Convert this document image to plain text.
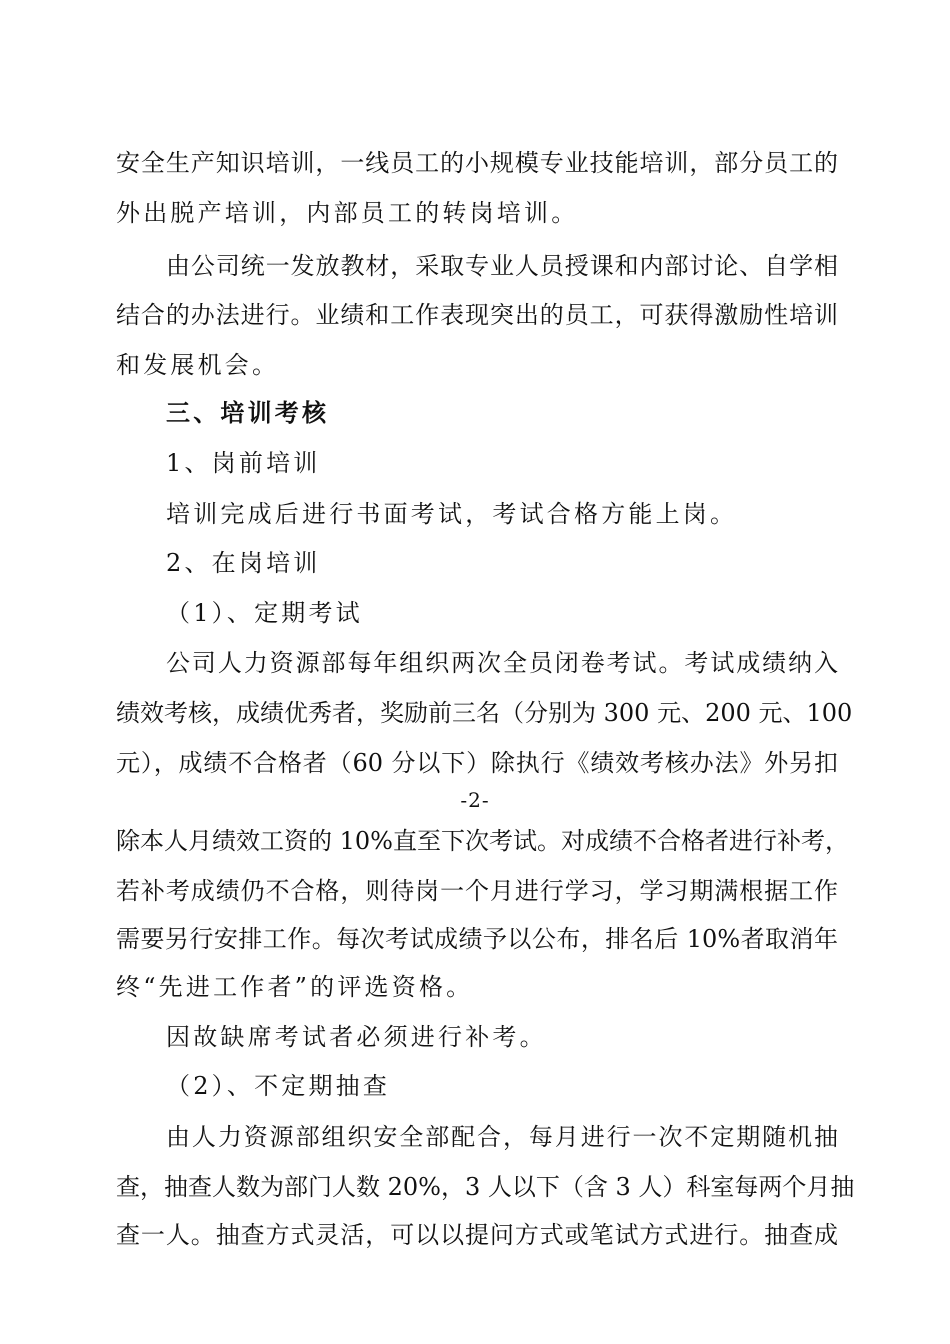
安全生产知识培训，一线员工的小规模专业技能培训，部分员工的
外出脱产培训，内部员工的转岗培训。
由公司统一发放教材，采取专业人员授课和内部讨论、自学相
结合的办法进行。业绩和工作表现突出的员工，可获得激励性培训
和发展机会。
三、培训考核
1、岗前培训
培训完成后进行书面考试，考试合格方能上岗。
2、在岗培训
（1）、定期考试
公司人力资源部每年组织两次全员闭卷考试。考试成绩纳入
绩效考核，成绩优秀者，奖励前三名（分别为 300 元、200 元、100
元），成绩不合格者（60 分以下）除执行《绩效考核办法》外另扣
-2-
除本人月绩效工资的 10%直至下次考试。对成绩不合格者进行补考，
若补考成绩仍不合格，则待岗一个月进行学习，学习期满根据工作
需要另行安排工作。每次考试成绩予以公布，排名后 10%者取消年
终“先进工作者”的评选资格。
因故缺席考试者必须进行补考。
（2）、不定期抽查
由人力资源部组织安全部配合，每月进行一次不定期随机抽
查，抽查人数为部门人数 20%，3 人以下（含 3 人）科室每两个月抽
查一人。抽查方式灵活，可以以提问方式或笔试方式进行。抽查成
